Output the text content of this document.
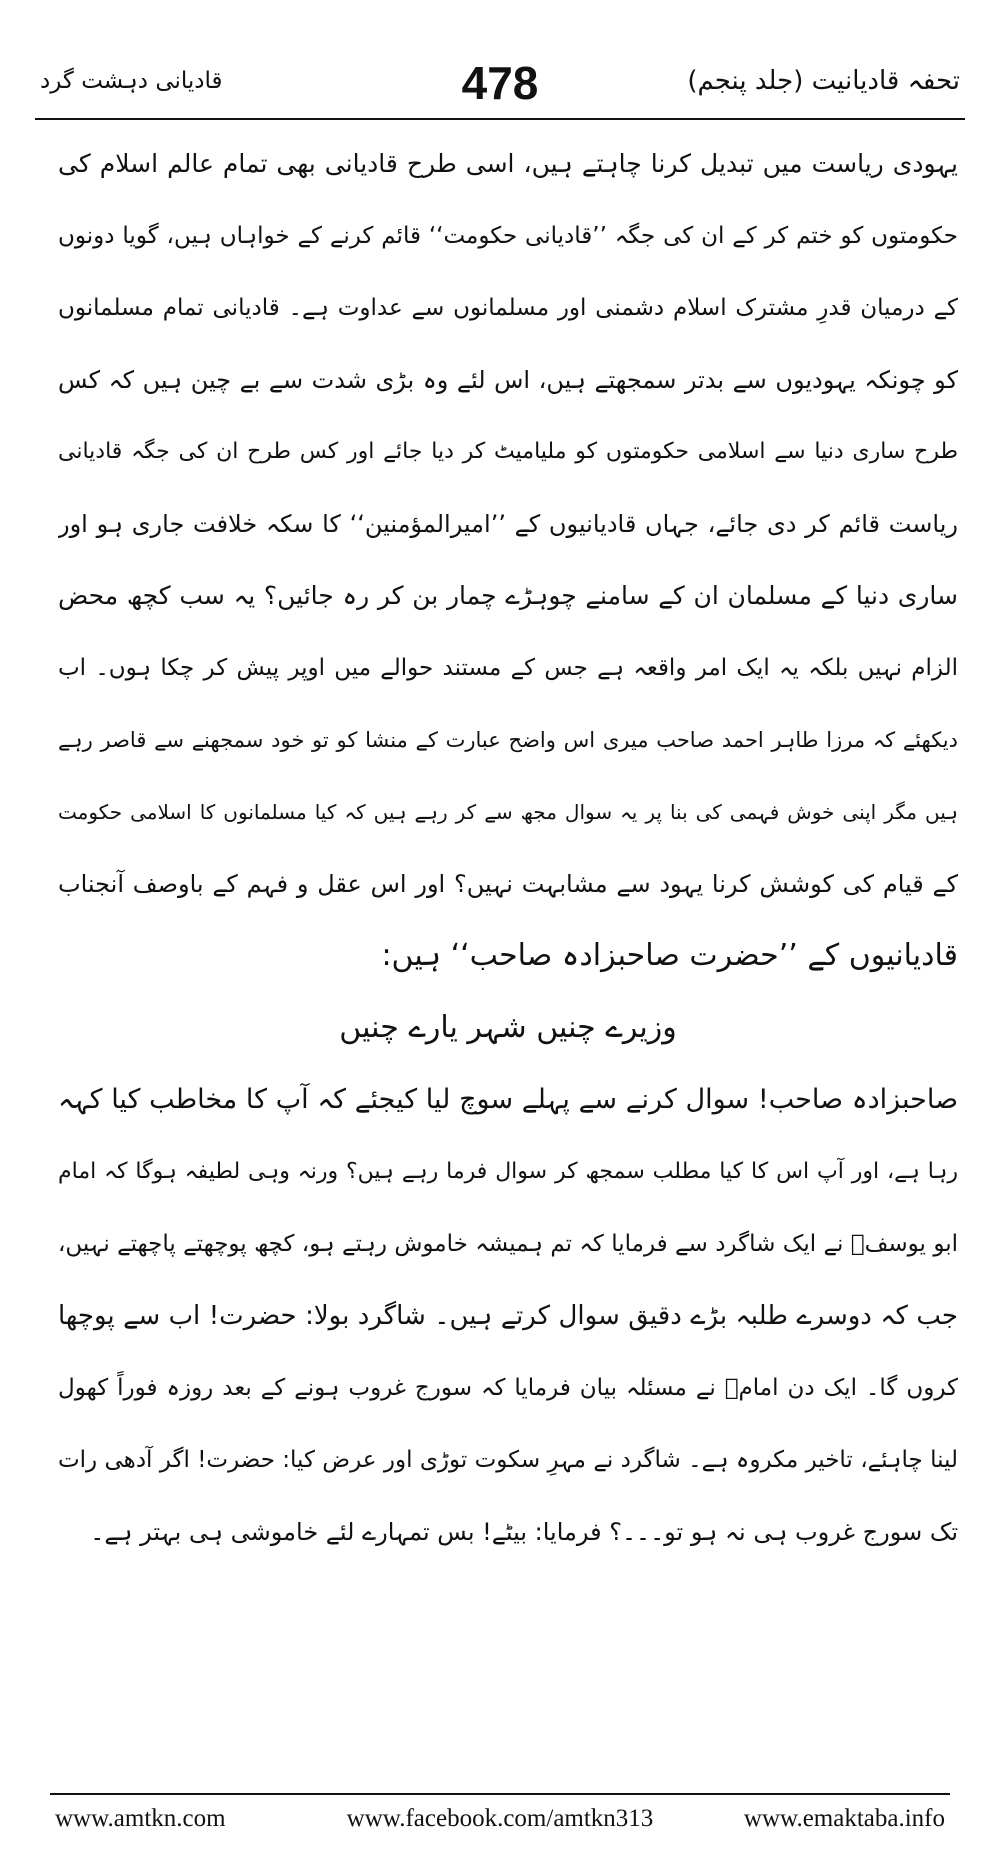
تحفہ قادیانیت (جلد پنجم)
478
قادیانی دہشت گرد
یہودی ریاست میں تبدیل کرنا چاہتے ہیں، اسی طرح قادیانی بھی تمام عالم اسلام کی
حکومتوں کو ختم کر کے ان کی جگہ ’’قادیانی حکومت‘‘ قائم کرنے کے خواہاں ہیں، گویا دونوں
کے درمیان قدرِ مشترک اسلام دشمنی اور مسلمانوں سے عداوت ہے۔ قادیانی تمام مسلمانوں
کو چونکہ یہودیوں سے بدتر سمجھتے ہیں، اس لئے وہ بڑی شدت سے بے چین ہیں کہ کس
طرح ساری دنیا سے اسلامی حکومتوں کو ملیامیٹ کر دیا جائے اور کس طرح ان کی جگہ قادیانی
ریاست قائم کر دی جائے، جہاں قادیانیوں کے ’’امیرالمؤمنین‘‘ کا سکہ خلافت جاری ہو اور
ساری دنیا کے مسلمان ان کے سامنے چوہڑے چمار بن کر رہ جائیں؟ یہ سب کچھ محض
الزام نہیں بلکہ یہ ایک امر واقعہ ہے جس کے مستند حوالے میں اوپر پیش کر چکا ہوں۔ اب
دیکھئے کہ مرزا طاہر احمد صاحب میری اس واضح عبارت کے منشا کو تو خود سمجھنے سے قاصر رہے
ہیں مگر اپنی خوش فہمی کی بنا پر یہ سوال مجھ سے کر رہے ہیں کہ کیا مسلمانوں کا اسلامی حکومت
کے قیام کی کوشش کرنا یہود سے مشابہت نہیں؟ اور اس عقل و فہم کے باوصف آنجناب
قادیانیوں کے ’’حضرت صاحبزادہ صاحب‘‘ ہیں:
وزیرے چنیں شہر یارے چنیں
صاحبزادہ صاحب! سوال کرنے سے پہلے سوچ لیا کیجئے کہ آپ کا مخاطب کیا کہہ
رہا ہے، اور آپ اس کا کیا مطلب سمجھ کر سوال فرما رہے ہیں؟ ورنہ وہی لطیفہ ہوگا کہ امام
ابو یوسفؒ نے ایک شاگرد سے فرمایا کہ تم ہمیشہ خاموش رہتے ہو، کچھ پوچھتے پاچھتے نہیں،
جب کہ دوسرے طلبہ بڑے دقیق سوال کرتے ہیں۔ شاگرد بولا: حضرت! اب سے پوچھا
کروں گا۔ ایک دن امامؒ نے مسئلہ بیان فرمایا کہ سورج غروب ہونے کے بعد روزہ فوراً کھول
لینا چاہئے، تاخیر مکروہ ہے۔ شاگرد نے مہرِ سکوت توڑی اور عرض کیا: حضرت! اگر آدھی رات
تک سورج غروب ہی نہ ہو تو۔۔۔؟ فرمایا: بیٹے! بس تمہارے لئے خاموشی ہی بہتر ہے۔
www.amtkn.com	www.facebook.com/amtkn313	www.emaktaba.info
